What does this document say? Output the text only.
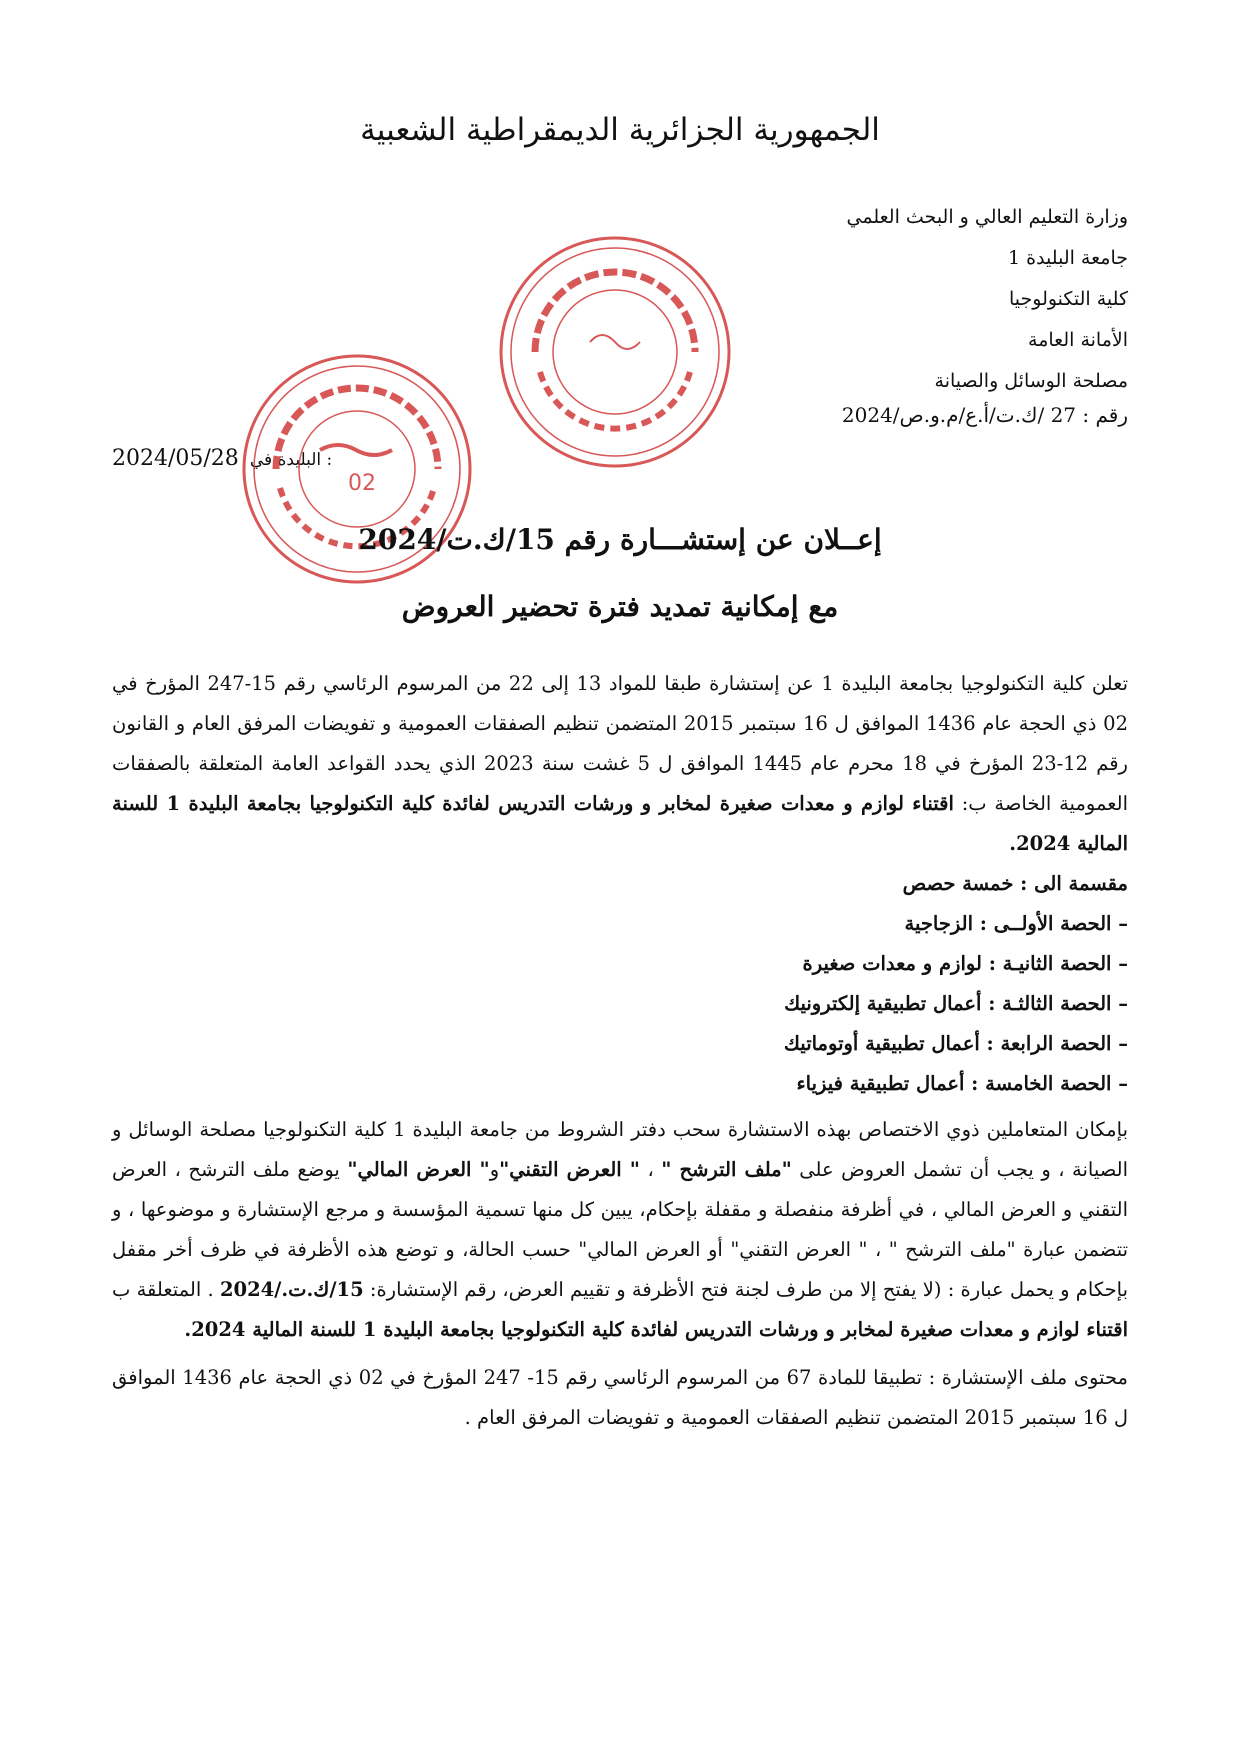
الجمهورية الجزائرية الديمقراطية الشعبية
وزارة التعليم العالي و البحث العلمي
جامعة البليدة 1
كلية التكنولوجيا
الأمانة العامة
مصلحة الوسائل والصيانة
رقم : 27 /ك.ت/أ.ع/م.و.ص/2024
2024/05/28 البليدة في :
02
إعــلان عن إستشـــارة رقم 15/ك.ت/2024
مع إمكانية تمديد فترة تحضير العروض

تعلن كلية التكنولوجيا بجامعة البليدة 1 عن إستشارة طبقا للمواد 13 إلى 22 من المرسوم الرئاسي رقم 15-247 المؤرخ في 02 ذي الحجة عام 1436 الموافق ل 16 سبتمبر 2015 المتضمن تنظيم الصفقات العمومية و تفويضات المرفق العام و القانون رقم 12-23 المؤرخ في 18 محرم عام 1445 الموافق ل 5 غشت سنة 2023 الذي يحدد القواعد العامة المتعلقة بالصفقات العمومية الخاصة ب: اقتناء لوازم و معدات صغيرة لمخابر و ورشات التدريس لفائدة كلية التكنولوجيا بجامعة البليدة 1 للسنة المالية 2024.

مقسمة الى : خمسة حصص

– الحصة الأولــى : الزجاجية
– الحصة الثانيـة : لوازم و معدات صغيرة
– الحصة الثالثـة : أعمال تطبيقية إلكترونيك
– الحصة الرابعة : أعمال تطبيقية أوتوماتيك
– الحصة الخامسة : أعمال تطبيقية فيزياء

بإمكان المتعاملين ذوي الاختصاص بهذه الاستشارة سحب دفتر الشروط من جامعة البليدة 1 كلية التكنولوجيا مصلحة الوسائل و الصيانة ، و يجب أن تشمل العروض على "ملف الترشح " ، " العرض التقني"و" العرض المالي" يوضع ملف الترشح ، العرض التقني و العرض المالي ، في أظرفة منفصلة و مقفلة بإحكام، يبين كل منها تسمية المؤسسة و مرجع الإستشارة و موضوعها ، و تتضمن عبارة "ملف الترشح " ، " العرض التقني" أو العرض المالي" حسب الحالة، و توضع هذه الأظرفة في ظرف أخر مقفل بإحكام و يحمل عبارة : (لا يفتح إلا من طرف لجنة فتح الأظرفة و تقييم العرض، رقم الإستشارة: 15/ك.ت./2024 . المتعلقة ب اقتناء لوازم و معدات صغيرة لمخابر و ورشات التدريس لفائدة كلية التكنولوجيا بجامعة البليدة 1 للسنة المالية 2024.

محتوى ملف الإستشارة : تطبيقا للمادة 67 من المرسوم الرئاسي رقم 15- 247 المؤرخ في 02 ذي الحجة عام 1436 الموافق ل 16 سبتمبر 2015 المتضمن تنظيم الصفقات العمومية و تفويضات المرفق العام .
